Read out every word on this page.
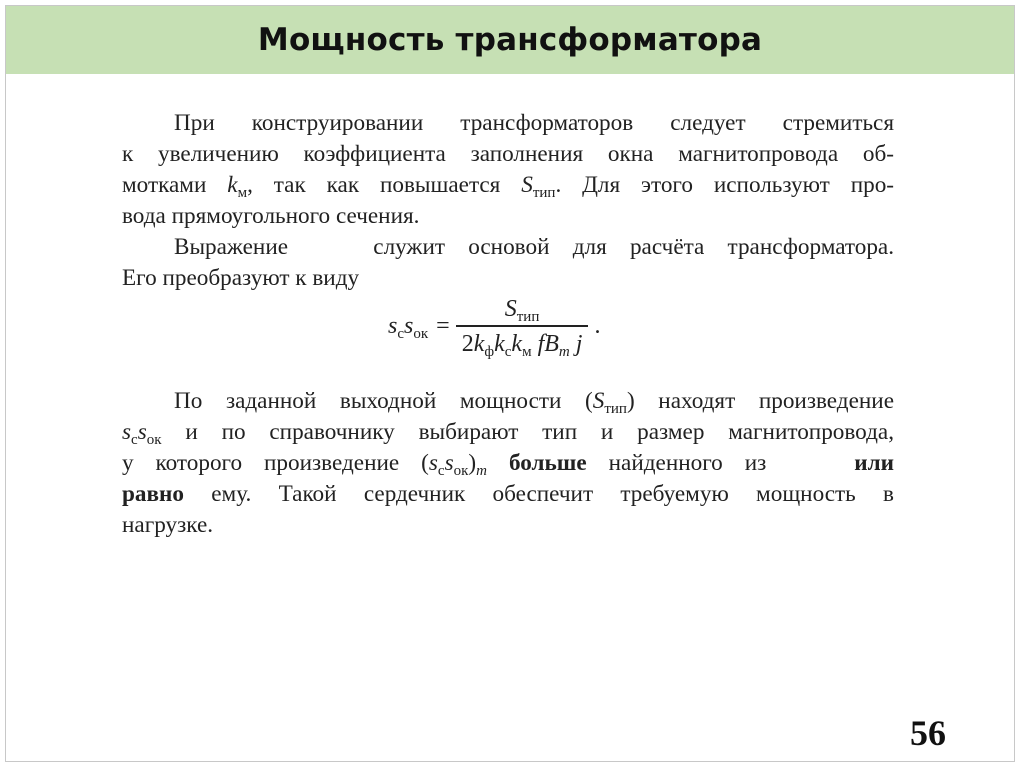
Мощность трансформатора
При конструировании трансформаторов следует стремиться
к увеличению коэффициента заполнения окна магнитопровода об-
мотками $k_м$, так как повышается $S_{тип}$. Для этого используют про-
вода прямоугольного сечения.
Выражение	служит основой для расчёта трансформатора.
Его преобразуют к виду
$s_сs_{ок} = \frac{S_{тип}}{2k_фk_сk_м fB_m j}$ .
По заданной выходной мощности $(S_{тип})$ находят произведение
$s_сs_{ок}$ и по справочнику выбирают тип и размер магнитопровода,
у которого произведение $(s_сs_{ок})_m$ больше найденного из	или
равно ему. Такой сердечник обеспечит требуемую мощность в
нагрузке.
56
